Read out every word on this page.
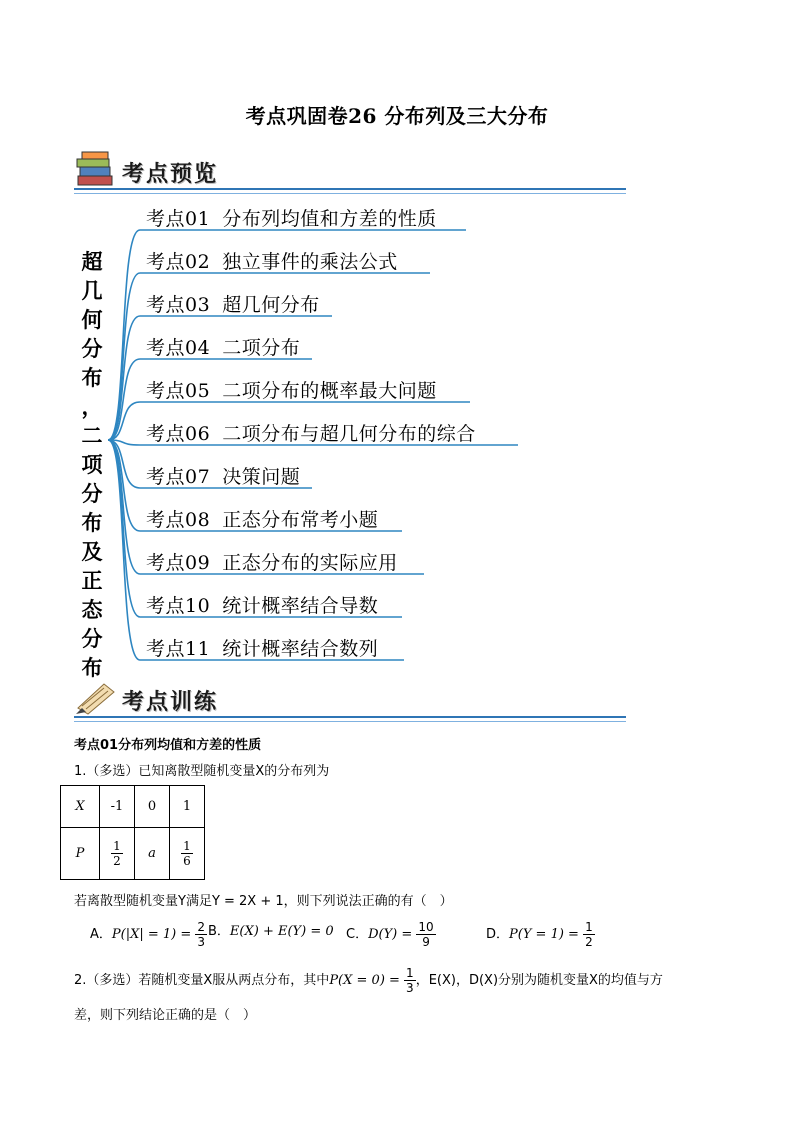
考点巩固卷26 分布列及三大分布
考点预览
超
几
何
分
布
，
二
项
分
布
及
正
态
分
布
考点01 分布列均值和方差的性质
考点02 独立事件的乘法公式
考点03 超几何分布
考点04 二项分布
考点05 二项分布的概率最大问题
考点06 二项分布与超几何分布的综合
考点07 决策问题
考点08 正态分布常考小题
考点09 正态分布的实际应用
考点10 统计概率结合导数
考点11 统计概率结合数列
考点训练
考点01分布列均值和方差的性质
1.（多选）已知离散型随机变量X的分布列为
X	-1	0	1
P	$\frac{1}{2}$	a	$\frac{1}{6}$
若离散型随机变量Y满足Y = 2X + 1，则下列说法正确的有（　）
A．$P(|X| = 1) = \frac{2}{3}$ B．E(X) + E(Y) = 0 C．$D(Y) = \frac{10}{9}$	D．$P(Y = 1) = \frac{1}{2}$
2.（多选）若随机变量X服从两点分布，其中$P(X = 0) = \frac{1}{3}$ ，E(X)，D(X)分别为随机变量X的均值与方
差，则下列结论正确的是（　）
